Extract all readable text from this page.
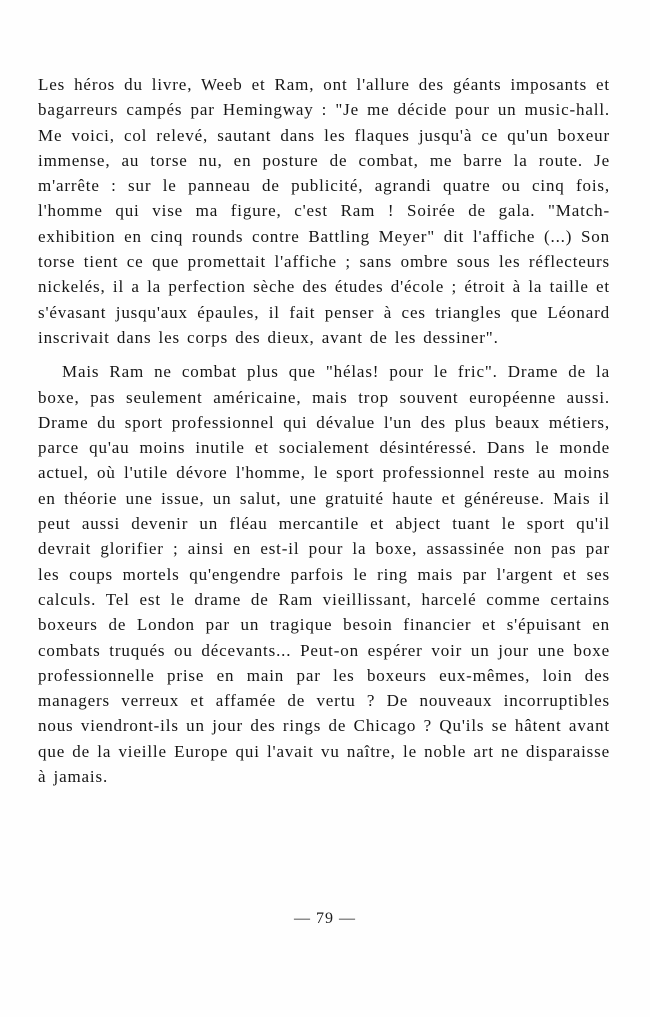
Les héros du livre, Weeb et Ram, ont l'allure des géants imposants et bagarreurs campés par Hemingway : "Je me décide pour un music-hall. Me voici, col relevé, sautant dans les flaques jusqu'à ce qu'un boxeur immense, au torse nu, en posture de combat, me barre la route. Je m'arrête : sur le panneau de publicité, agrandi quatre ou cinq fois, l'homme qui vise ma figure, c'est Ram ! Soirée de gala. "Match-exhibition en cinq rounds contre Battling Meyer" dit l'affiche (...) Son torse tient ce que promettait l'affiche ; sans ombre sous les réflecteurs nickelés, il a la perfection sèche des études d'école ; étroit à la taille et s'évasant jusqu'aux épaules, il fait penser à ces triangles que Léonard inscrivait dans les corps des dieux, avant de les dessiner".

Mais Ram ne combat plus que "hélas! pour le fric". Drame de la boxe, pas seulement américaine, mais trop souvent européenne aussi. Drame du sport professionnel qui dévalue l'un des plus beaux métiers, parce qu'au moins inutile et socialement désintéressé. Dans le monde actuel, où l'utile dévore l'homme, le sport professionnel reste au moins en théorie une issue, un salut, une gratuité haute et généreuse. Mais il peut aussi devenir un fléau mercantile et abject tuant le sport qu'il devrait glorifier ; ainsi en est-il pour la boxe, assassinée non pas par les coups mortels qu'engendre parfois le ring mais par l'argent et ses calculs. Tel est le drame de Ram vieillissant, harcelé comme certains boxeurs de London par un tragique besoin financier et s'épuisant en combats truqués ou décevants... Peut-on espérer voir un jour une boxe professionnelle prise en main par les boxeurs eux-mêmes, loin des managers verreux et affamée de vertu ? De nouveaux incorruptibles nous viendront-ils un jour des rings de Chicago ? Qu'ils se hâtent avant que de la vieille Europe qui l'avait vu naître, le noble art ne disparaisse à jamais.

— 79 —
